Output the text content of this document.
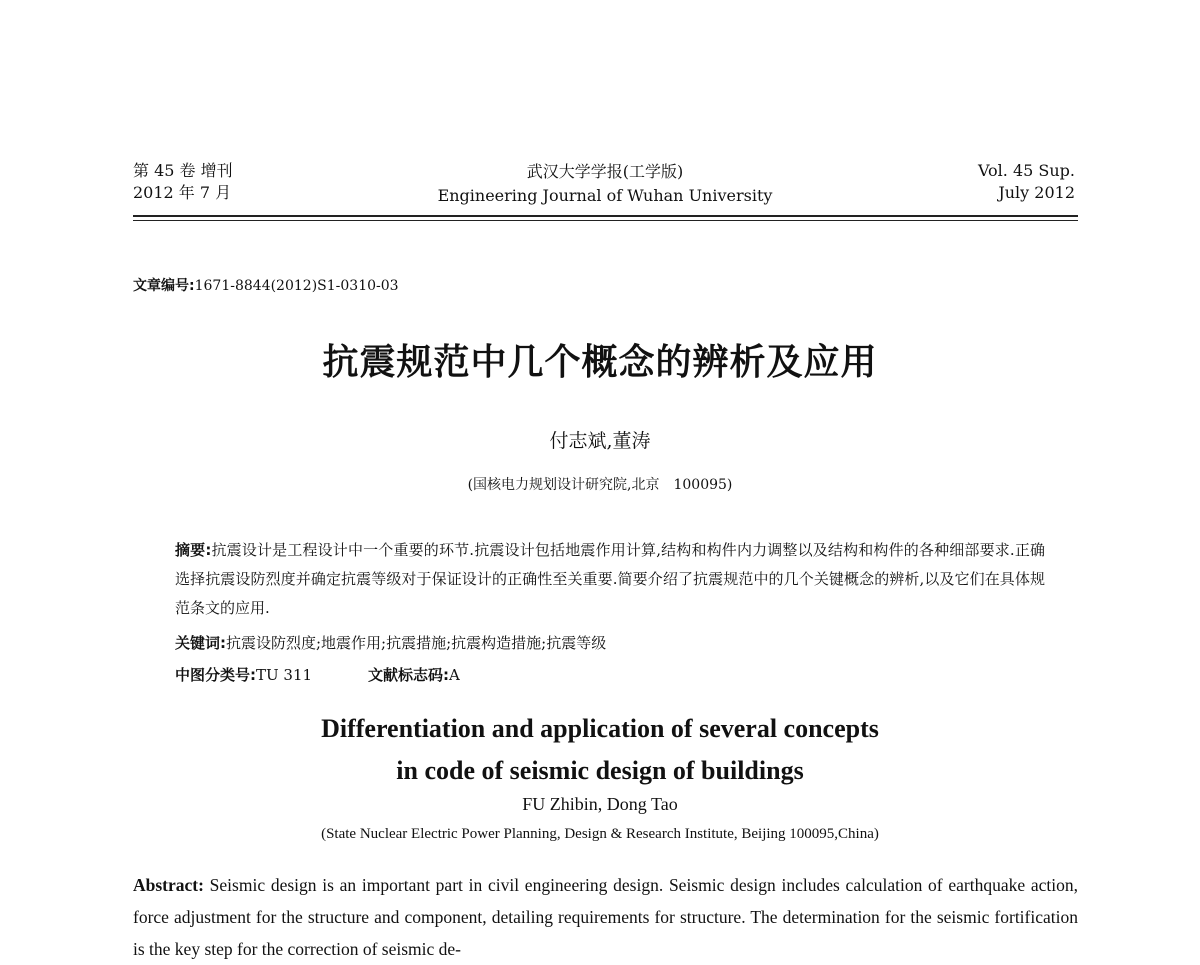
第 45 卷 增刊
2012 年 7 月
武汉大学学报(工学版)
Engineering Journal of Wuhan University
Vol. 45 Sup.
July 2012
文章编号:1671-8844(2012)S1-0310-03
抗震规范中几个概念的辨析及应用
付志斌,董涛
(国核电力规划设计研究院,北京　100095)
摘要:抗震设计是工程设计中一个重要的环节.抗震设计包括地震作用计算,结构和构件内力调整以及结构和构件的各种细部要求.正确选择抗震设防烈度并确定抗震等级对于保证设计的正确性至关重要.简要介绍了抗震规范中的几个关键概念的辨析,以及它们在具体规范条文的应用.
关键词:抗震设防烈度;地震作用;抗震措施;抗震构造措施;抗震等级
中图分类号:TU 311	文献标志码:A
Differentiation and application of several concepts
in code of seismic design of buildings
FU Zhibin, Dong Tao
(State Nuclear Electric Power Planning, Design & Research Institute, Beijing 100095,China)
Abstract: Seismic design is an important part in civil engineering design. Seismic design includes calculation of earthquake action, force adjustment for the structure and component, detailing requirements for structure. The determination for the seismic fortification is the key step for the correction of seismic de-
